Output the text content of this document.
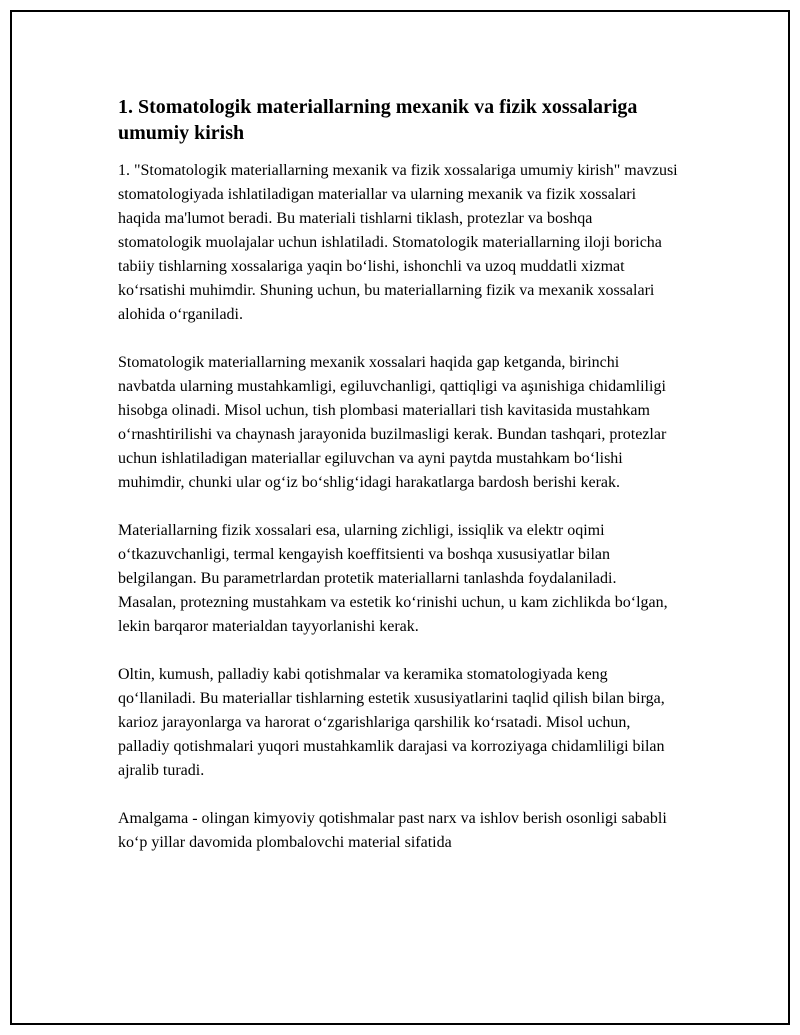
1. Stomatologik materiallarning mexanik va fizik xossalariga umumiy kirish

1. "Stomatologik materiallarning mexanik va fizik xossalariga umumiy kirish" mavzusi stomatologiyada ishlatiladigan materiallar va ularning mexanik va fizik xossalari haqida ma'lumot beradi. Bu materiali tishlarni tiklash, protezlar va boshqa stomatologik muolajalar uchun ishlatiladi. Stomatologik materiallarning iloji boricha tabiiy tishlarning xossalariga yaqin boʻlishi, ishonchli va uzoq muddatli xizmat koʻrsatishi muhimdir. Shuning uchun, bu materiallarning fizik va mexanik xossalari alohida oʻrganiladi.

Stomatologik materiallarning mexanik xossalari haqida gap ketganda, birinchi navbatda ularning mustahkamligi, egiluvchanligi, qattiqligi va aşınishiga chidamliligi hisobga olinadi. Misol uchun, tish plombasi materiallari tish kavitasida mustahkam oʻrnashtirilishi va chaynash jarayonida buzilmasligi kerak. Bundan tashqari, protezlar uchun ishlatiladigan materiallar egiluvchan va ayni paytda mustahkam boʻlishi muhimdir, chunki ular ogʻiz boʻshligʻidagi harakatlarga bardosh berishi kerak.

Materiallarning fizik xossalari esa, ularning zichligi, issiqlik va elektr oqimi oʻtkazuvchanligi, termal kengayish koeffitsienti va boshqa xususiyatlar bilan belgilangan. Bu parametrlardan protetik materiallarni tanlashda foydalaniladi. Masalan, protezning mustahkam va estetik koʻrinishi uchun, u kam zichlikda boʻlgan, lekin barqaror materialdan tayyorlanishi kerak.

Oltin, kumush, palladiy kabi qotishmalar va keramika stomatologiyada keng qoʻllaniladi. Bu materiallar tishlarning estetik xususiyatlarini taqlid qilish bilan birga, karioz jarayonlarga va harorat oʻzgarishlariga qarshilik koʻrsatadi. Misol uchun, palladiy qotishmalari yuqori mustahkamlik darajasi va korroziyaga chidamliligi bilan ajralib turadi.

Amalgama - olingan kimyoviy qotishmalar past narx va ishlov berish osonligi sababli koʻp yillar davomida plombalovchi material sifatida
